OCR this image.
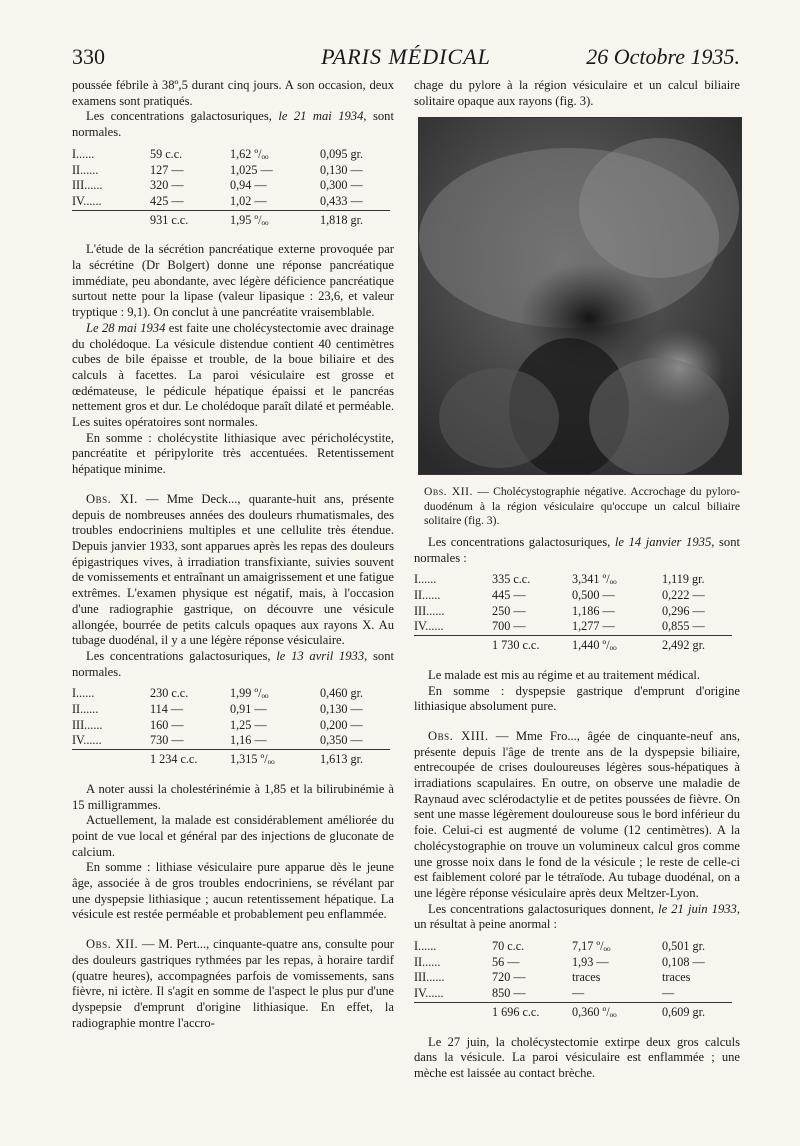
330	PARIS MÉDICAL	26 Octobre 1935.

poussée fébrile à 38º,5 durant cinq jours. A son occasion, deux examens sont pratiqués.

Les concentrations galactosuriques, le 21 mai 1934, sont normales.

I......	59 c.c.	1,62 º/ₒₒ	0,095 gr.
II......	127 —	1,025 —	0,130 —
III......	320 —	0,94 —	0,300 —
IV......	425 —	1,02 —	0,433 —
	931 c.c.	1,95 º/ₒₒ	1,818 gr.

L'étude de la sécrétion pancréatique externe provoquée par la sécrétine (Dr Bolgert) donne une réponse pancréatique immédiate, peu abondante, avec légère déficience pancréatique surtout nette pour la lipase (valeur lipasique : 23,6, et valeur tryptique : 9,1). On conclut à une pancréatite vraisemblable.

Le 28 mai 1934 est faite une cholécystectomie avec drainage du cholédoque. La vésicule distendue contient 40 centimètres cubes de bile épaisse et trouble, de la boue biliaire et des calculs à facettes. La paroi vésiculaire est grosse et œdémateuse, le pédicule hépatique épaissi et le pancréas nettement gros et dur. Le cholédoque paraît dilaté et perméable. Les suites opératoires sont normales.

En somme : cholécystite lithiasique avec péricholécystite, pancréatite et péripylorite très accentuées. Retentissement hépatique minime.

Obs. XI. — Mme Deck..., quarante-huit ans, présente depuis de nombreuses années des douleurs rhumatismales, des troubles endocriniens multiples et une cellulite très étendue. Depuis janvier 1933, sont apparues après les repas des douleurs épigastriques vives, à irradiation transfixiante, suivies souvent de vomissements et entraînant un amaigrissement et une fatigue extrêmes. L'examen physique est négatif, mais, à l'occasion d'une radiographie gastrique, on découvre une vésicule allongée, bourrée de petits calculs opaques aux rayons X. Au tubage duodénal, il y a une légère réponse vésiculaire.

Les concentrations galactosuriques, le 13 avril 1933, sont normales.

I......	230 c.c.	1,99 º/ₒₒ	0,460 gr.
II......	114 —	0,91 —	0,130 —
III......	160 —	1,25 —	0,200 —
IV......	730 —	1,16 —	0,350 —
	1 234 c.c.	1,315 º/ₒₒ	1,613 gr.

A noter aussi la cholestérinémie à 1,85 et la bilirubinémie à 15 milligrammes.

Actuellement, la malade est considérablement améliorée du point de vue local et général par des injections de gluconate de calcium.

En somme : lithiase vésiculaire pure apparue dès le jeune âge, associée à de gros troubles endocriniens, se révélant par une dyspepsie lithiasique ; aucun retentissement hépatique. La vésicule est restée perméable et probablement peu enflammée.

Obs. XII. — M. Pert..., cinquante-quatre ans, consulte pour des douleurs gastriques rythmées par les repas, à horaire tardif (quatre heures), accompagnées parfois de vomissements, sans fièvre, ni ictère. Il s'agit en somme de l'aspect le plus pur d'une dyspepsie d'emprunt d'origine lithiasique. En effet, la radiographie montre l'accro-

chage du pylore à la région vésiculaire et un calcul biliaire solitaire opaque aux rayons (fig. 3).

Obs. XII. — Cholécystographie négative. Accrochage du pyloro-duodénum à la région vésiculaire qu'occupe un calcul biliaire solitaire (fig. 3).

Les concentrations galactosuriques, le 14 janvier 1935, sont normales :

I......	335 c.c.	3,341 º/ₒₒ	1,119 gr.
II......	445 —	0,500 —	0,222 —
III......	250 —	1,186 —	0,296 —
IV......	700 —	1,277 —	0,855 —
	1 730 c.c.	1,440 º/ₒₒ	2,492 gr.

Le malade est mis au régime et au traitement médical.

En somme : dyspepsie gastrique d'emprunt d'origine lithiasique absolument pure.

Obs. XIII. — Mme Fro..., âgée de cinquante-neuf ans, présente depuis l'âge de trente ans de la dyspepsie biliaire, entrecoupée de crises douloureuses légères sous-hépatiques à irradiations scapulaires. En outre, on observe une maladie de Raynaud avec sclérodactylie et de petites poussées de fièvre. On sent une masse légèrement douloureuse sous le bord inférieur du foie. Celui-ci est augmenté de volume (12 centimètres). A la cholécystographie on trouve un volumineux calcul gros comme une grosse noix dans le fond de la vésicule ; le reste de celle-ci est faiblement coloré par le tétraïode. Au tubage duodénal, on a une légère réponse vésiculaire après deux Meltzer-Lyon.

Les concentrations galactosuriques donnent, le 21 juin 1933, un résultat à peine anormal :

I......	70 c.c.	7,17 º/ₒₒ	0,501 gr.
II......	56 —	1,93 —	0,108 —
III......	720 —	traces	traces
IV......	850 —	—	—
	1 696 c.c.	0,360 º/ₒₒ	0,609 gr.

Le 27 juin, la cholécystectomie extirpe deux gros calculs dans la vésicule. La paroi vésiculaire est enflammée ; une mèche est laissée au contact brèche.
